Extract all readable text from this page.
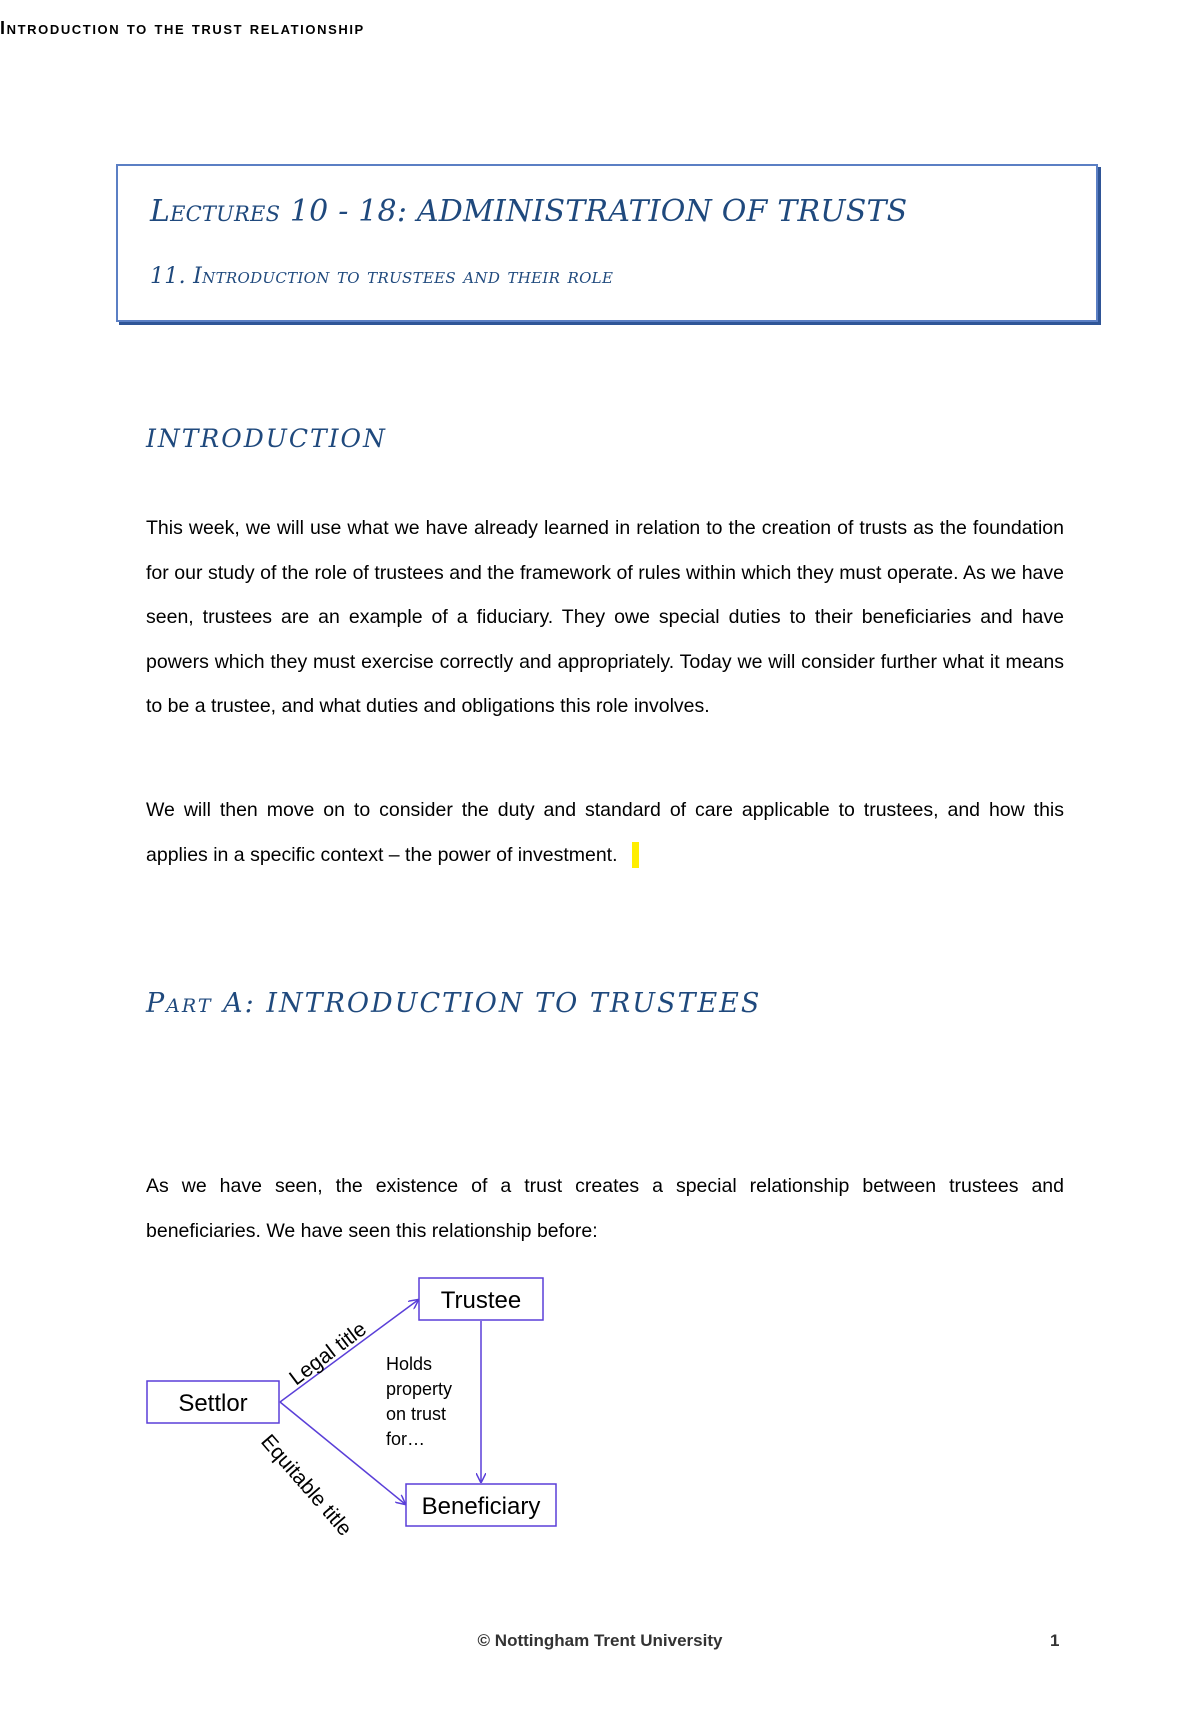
Lectures 10 - 18: ADMINISTRATION OF TRUSTS
11. Introduction to trustees and their role
INTRODUCTION

This week, we will use what we have already learned in relation to the creation of trusts as the foundation for our study of the role of trustees and the framework of rules within which they must operate. As we have seen, trustees are an example of a fiduciary. They owe special duties to their beneficiaries and have powers which they must exercise correctly and appropriately. Today we will consider further what it means to be a trustee, and what duties and obligations this role involves.

We will then move on to consider the duty and standard of care applicable to trustees, and how this applies in a specific context – the power of investment.

Part A: INTRODUCTION TO TRUSTEES
Introduction to the trust relationship

As we have seen, the existence of a trust creates a special relationship between trustees and beneficiaries. We have seen this relationship before:

Settlor
Trustee
Beneficiary
Legal title
Equitable title
Holds
property
on trust
for…
© Nottingham Trent University	1
